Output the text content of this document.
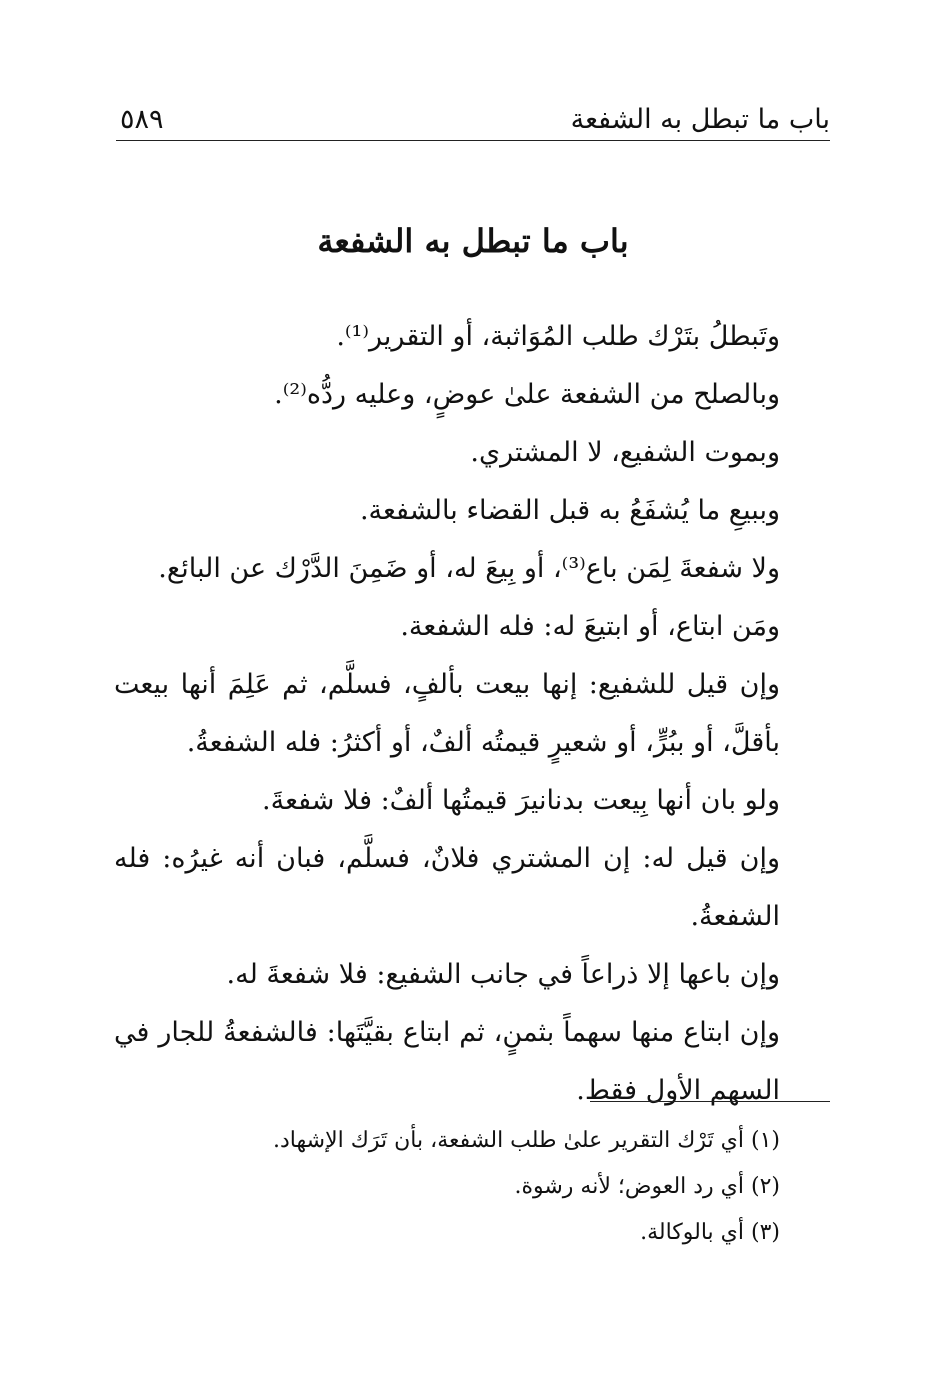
باب ما تبطل به الشفعة
٥٨٩
باب ما تبطل به الشفعة

وتَبطلُ بتَرْك طلب المُوَاثبة، أو التقرير⁽¹⁾.

وبالصلح من الشفعة علىٰ عوضٍ، وعليه ردُّه⁽²⁾.

وبموت الشفيع، لا المشتري.

وببيعِ ما يُشفَعُ به قبل القضاء بالشفعة.

ولا شفعةَ لِمَن باع⁽³⁾، أو بِيعَ له، أو ضَمِنَ الدَّرْك عن البائع.

ومَن ابتاع، أو ابتيعَ له: فله الشفعة.

وإن قيل للشفيع: إنها بيعت بألفٍ، فسلَّم، ثم عَلِمَ أنها بيعت بأقلَّ، أو ببُرٍّ، أو شعيرٍ قيمتُه ألفٌ، أو أكثرُ: فله الشفعةُ.

ولو بان أنها بِيعت بدنانيرَ قيمتُها ألفٌ: فلا شفعةَ.

وإن قيل له: إن المشتري فلانٌ، فسلَّم، فبان أنه غيرُه: فله الشفعةُ.

وإن باعها إلا ذراعاً في جانب الشفيع: فلا شفعةَ له.

وإن ابتاع منها سهماً بثمنٍ، ثم ابتاع بقيَّتَها: فالشفعةُ للجار في السهم الأول فقط.

(١) أي تَرْك التقرير علىٰ طلب الشفعة، بأن تَرَك الإشهاد.
(٢) أي رد العوض؛ لأنه رشوة.
(٣) أي بالوكالة.
